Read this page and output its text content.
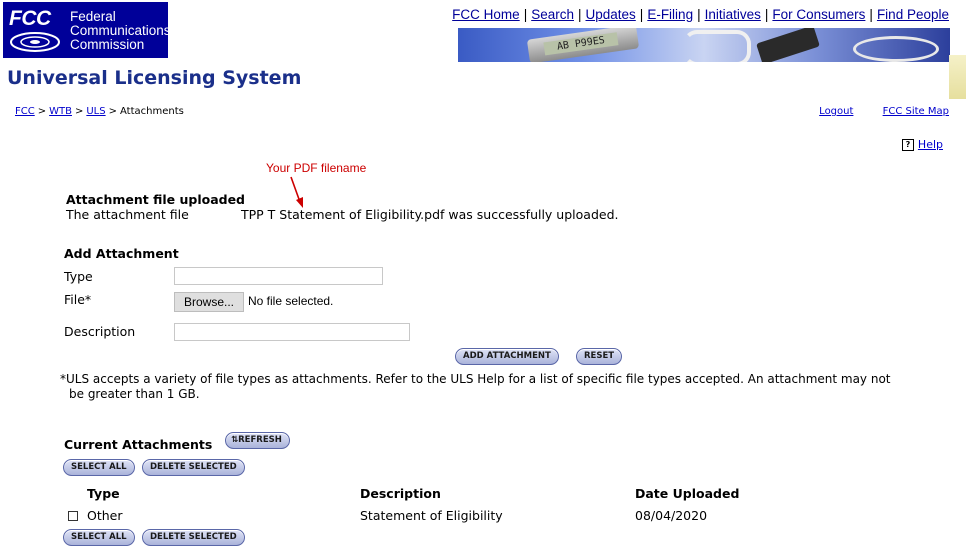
FCC Federal
Communications
Commission
FCC Home | Search | Updates | E-Filing | Initiatives | For Consumers | Find People
AB P99ES
Universal Licensing System
FCC > WTB > ULS > Attachments	Logout	FCC Site Map
? Help
Your PDF filename
Attachment file uploaded
The attachment file	TPP T Statement of Eligibility.pdf was successfully uploaded.
Add Attachment
Type
File*	Browse...	No file selected.
Description
ADD ATTACHMENT	RESET
*ULS accepts a variety of file types as attachments. Refer to the ULS Help for a list of specific file types accepted. An attachment may not
be greater than 1 GB.
Current Attachments	⇅REFRESH
SELECT ALL	DELETE SELECTED
Type	Description	Date Uploaded
Other	Statement of Eligibility	08/04/2020
SELECT ALL	DELETE SELECTED
